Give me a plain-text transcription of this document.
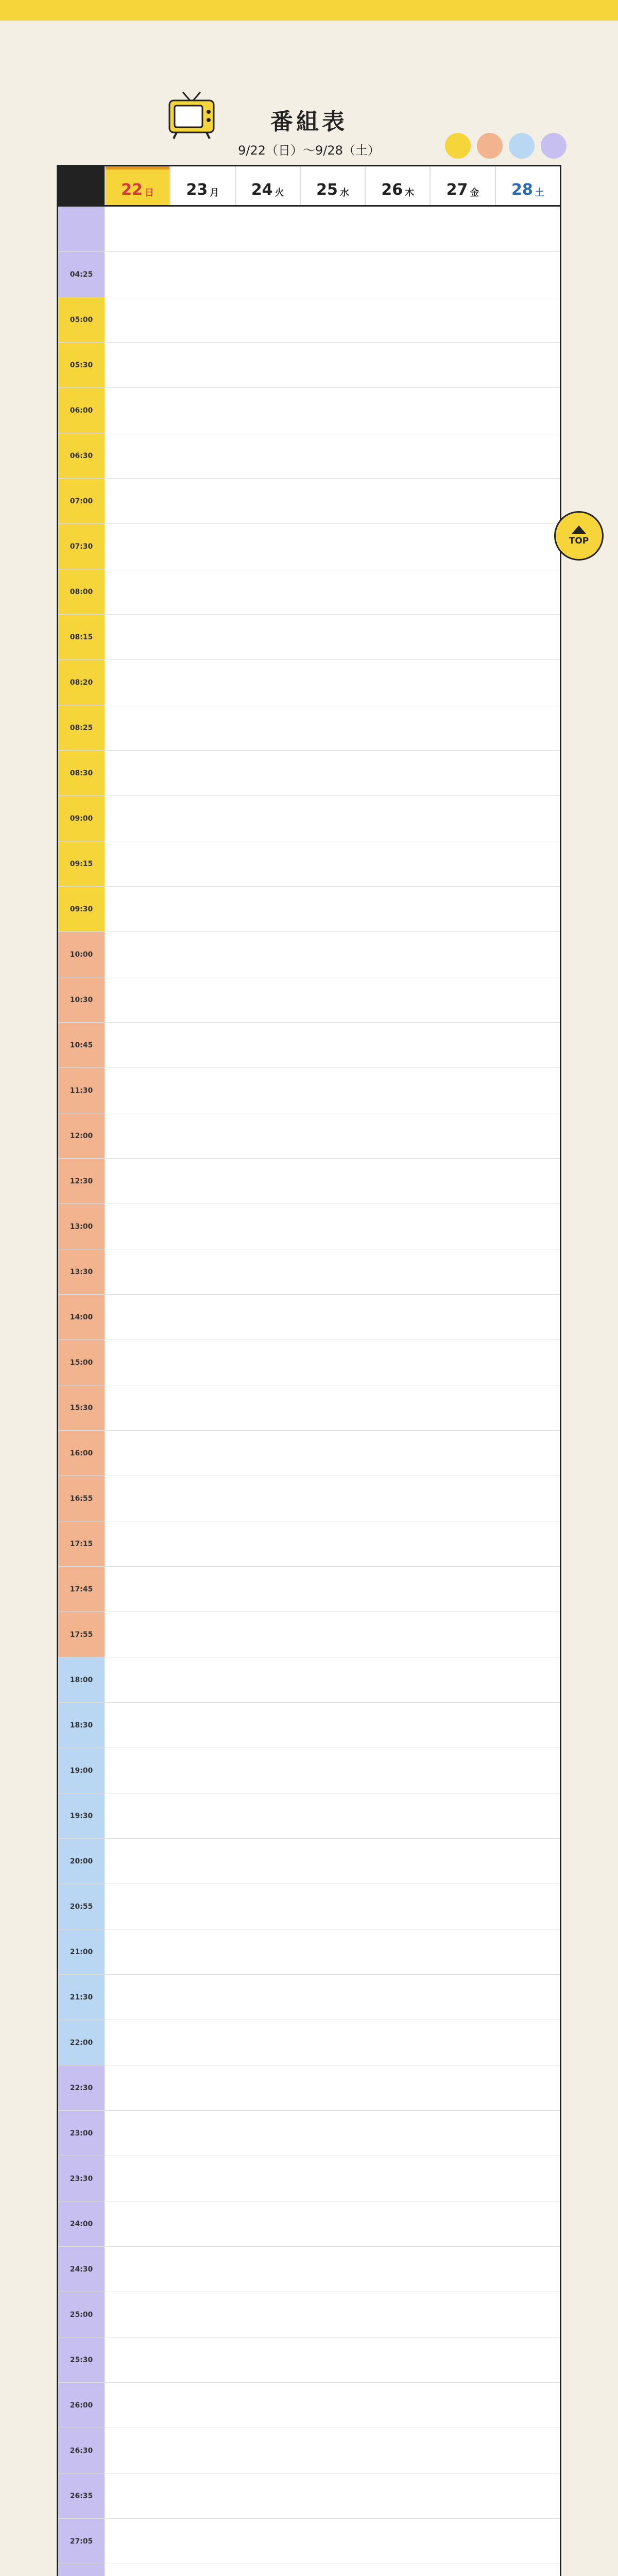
番組表
9/22（日）～9/28（土）
22 日 23 月 24 火 25 水 26 木 27 金 28 土
04:25
05:00
05:30
06:00
06:30
07:00
07:30
08:00
08:15
08:20
08:25
08:30
09:00
09:15
09:30
10:00
10:30
10:45
11:30
12:00
12:30
13:00
13:30
14:00
15:00
15:30
16:00
16:55
17:15
17:45
17:55
18:00
18:30
19:00
19:30
20:00
20:55
21:00
21:30
22:00
22:30
23:00
23:30
24:00
24:30
25:00
25:30
26:00
26:30
26:35
27:05
TOP
